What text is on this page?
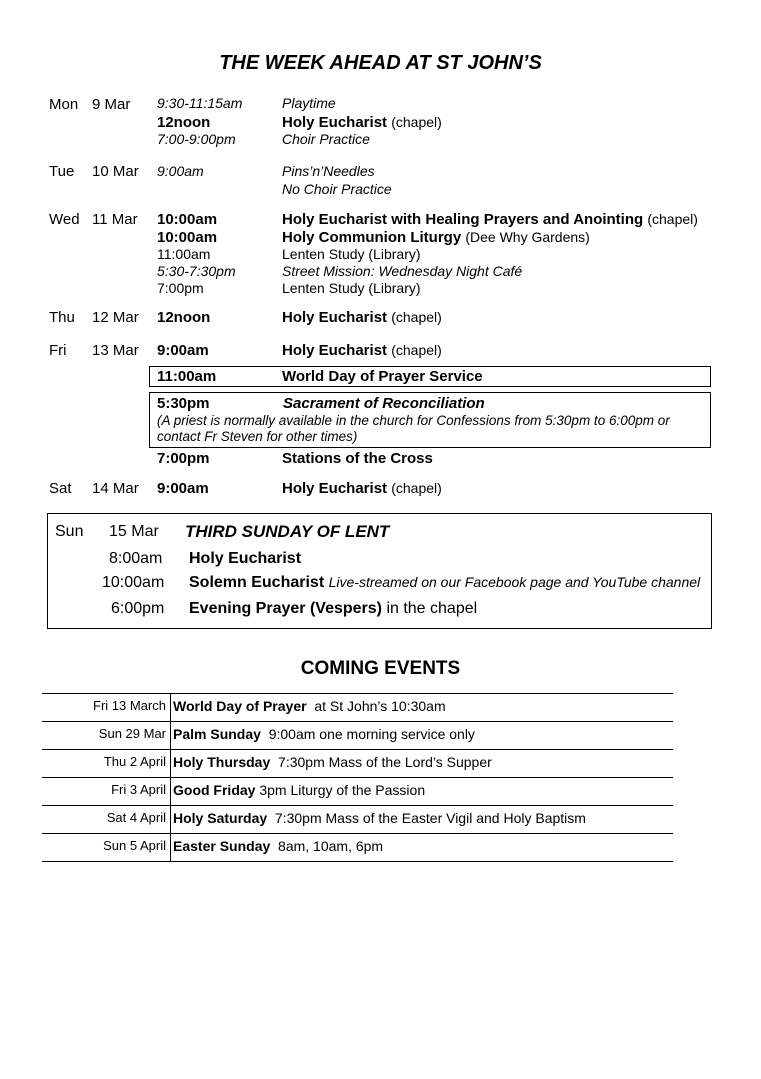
THE WEEK AHEAD AT ST JOHN’S
Mon 9 Mar 9:30-11:15am	Playtime
12noon	Holy Eucharist (chapel)
7:00-9:00pm	Choir Practice
Tue 10 Mar 9:00am	Pins’n’Needles
No Choir Practice
Wed 11 Mar 10:00am	Holy Eucharist with Healing Prayers and Anointing (chapel)
10:00am	Holy Communion Liturgy (Dee Why Gardens)
11:00am	Lenten Study (Library)
5:30-7:30pm	Street Mission: Wednesday Night Café
7:00pm	Lenten Study (Library)
Thu 12 Mar 12noon	Holy Eucharist (chapel)
Fri 13 Mar 9:00am	Holy Eucharist (chapel)
11:00am	World Day of Prayer Service
5:30pm	Sacrament of Reconciliation
(A priest is normally available in the church for Confessions from 5:30pm to 6:00pm or
contact Fr Steven for other times)
7:00pm	Stations of the Cross
Sat 14 Mar 9:00am	Holy Eucharist (chapel)
Sun 15 Mar THIRD SUNDAY OF LENT
8:00am Holy Eucharist
10:00am Solemn Eucharist Live-streamed on our Facebook page and YouTube channel
6:00pm Evening Prayer (Vespers) in the chapel
COMING EVENTS
Fri 13 March World Day of Prayer at St John’s 10:30am
Sun 29 Mar Palm Sunday 9:00am one morning service only
Thu 2 April Holy Thursday 7:30pm Mass of the Lord’s Supper
Fri 3 April Good Friday 3pm Liturgy of the Passion
Sat 4 April Holy Saturday 7:30pm Mass of the Easter Vigil and Holy Baptism
Sun 5 April Easter Sunday 8am, 10am, 6pm
